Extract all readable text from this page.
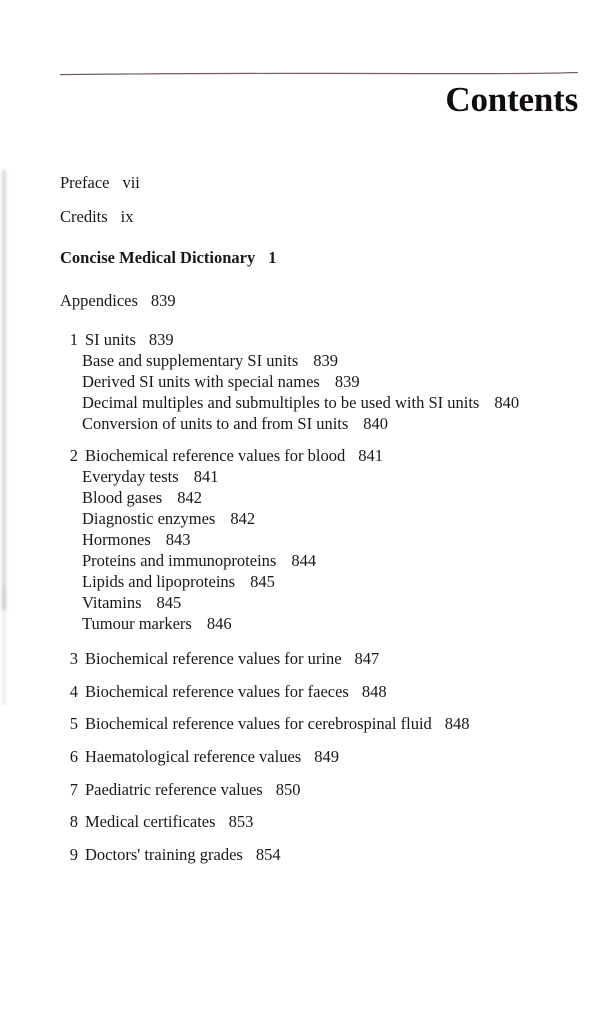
Contents
Preface vii
Credits ix
Concise Medical Dictionary 1
Appendices 839
1 SI units 839
Base and supplementary SI units 839
Derived SI units with special names 839
Decimal multiples and submultiples to be used with SI units 840
Conversion of units to and from SI units 840
2 Biochemical reference values for blood 841
Everyday tests 841
Blood gases 842
Diagnostic enzymes 842
Hormones 843
Proteins and immunoproteins 844
Lipids and lipoproteins 845
Vitamins 845
Tumour markers 846
3 Biochemical reference values for urine 847
4 Biochemical reference values for faeces 848
5 Biochemical reference values for cerebrospinal fluid 848
6 Haematological reference values 849
7 Paediatric reference values 850
8 Medical certificates 853
9 Doctors' training grades 854
